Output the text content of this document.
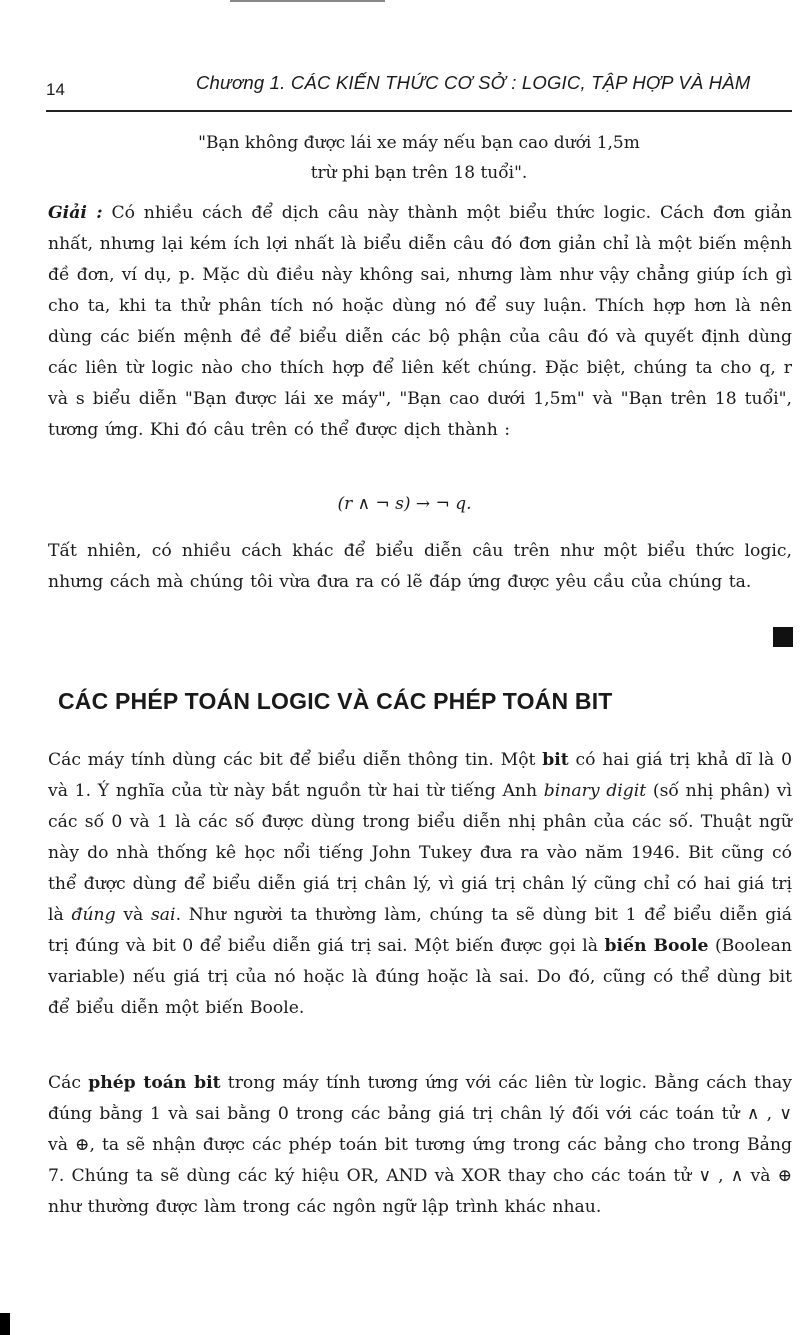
14	Chương 1. CÁC KIẾN THỨC CƠ SỞ : LOGIC, TẬP HỢP VÀ HÀM
"Bạn không được lái xe máy nếu bạn cao dưới 1,5m
trừ phi bạn trên 18 tuổi".
Giải : Có nhiều cách để dịch câu này thành một biểu thức logic. Cách đơn giản nhất, nhưng lại kém ích lợi nhất là biểu diễn câu đó đơn giản chỉ là một biến mệnh đề đơn, ví dụ, p. Mặc dù điều này không sai, nhưng làm như vậy chẳng giúp ích gì cho ta, khi ta thử phân tích nó hoặc dùng nó để suy luận. Thích hợp hơn là nên dùng các biến mệnh đề để biểu diễn các bộ phận của câu đó và quyết định dùng các liên từ logic nào cho thích hợp để liên kết chúng. Đặc biệt, chúng ta cho q, r và s biểu diễn "Bạn được lái xe máy", "Bạn cao dưới 1,5m" và "Bạn trên 18 tuổi", tương ứng. Khi đó câu trên có thể được dịch thành :
(r ∧ ¬ s) → ¬ q.
Tất nhiên, có nhiều cách khác để biểu diễn câu trên như một biểu thức logic, nhưng cách mà chúng tôi vừa đưa ra có lẽ đáp ứng được yêu cầu của chúng ta.
CÁC PHÉP TOÁN LOGIC VÀ CÁC PHÉP TOÁN BIT
Các máy tính dùng các bit để biểu diễn thông tin. Một bit có hai giá trị khả dĩ là 0 và 1. Ý nghĩa của từ này bắt nguồn từ hai từ tiếng Anh binary digit (số nhị phân) vì các số 0 và 1 là các số được dùng trong biểu diễn nhị phân của các số. Thuật ngữ này do nhà thống kê học nổi tiếng John Tukey đưa ra vào năm 1946. Bit cũng có thể được dùng để biểu diễn giá trị chân lý, vì giá trị chân lý cũng chỉ có hai giá trị là đúng và sai. Như người ta thường làm, chúng ta sẽ dùng bit 1 để biểu diễn giá trị đúng và bit 0 để biểu diễn giá trị sai. Một biến được gọi là biến Boole (Boolean variable) nếu giá trị của nó hoặc là đúng hoặc là sai. Do đó, cũng có thể dùng bit để biểu diễn một biến Boole.
Các phép toán bit trong máy tính tương ứng với các liên từ logic. Bằng cách thay đúng bằng 1 và sai bằng 0 trong các bảng giá trị chân lý đối với các toán tử ∧ , ∨ và ⊕, ta sẽ nhận được các phép toán bit tương ứng trong các bảng cho trong Bảng 7. Chúng ta sẽ dùng các ký hiệu OR, AND và XOR thay cho các toán tử ∨ , ∧ và ⊕ như thường được làm trong các ngôn ngữ lập trình khác nhau.
